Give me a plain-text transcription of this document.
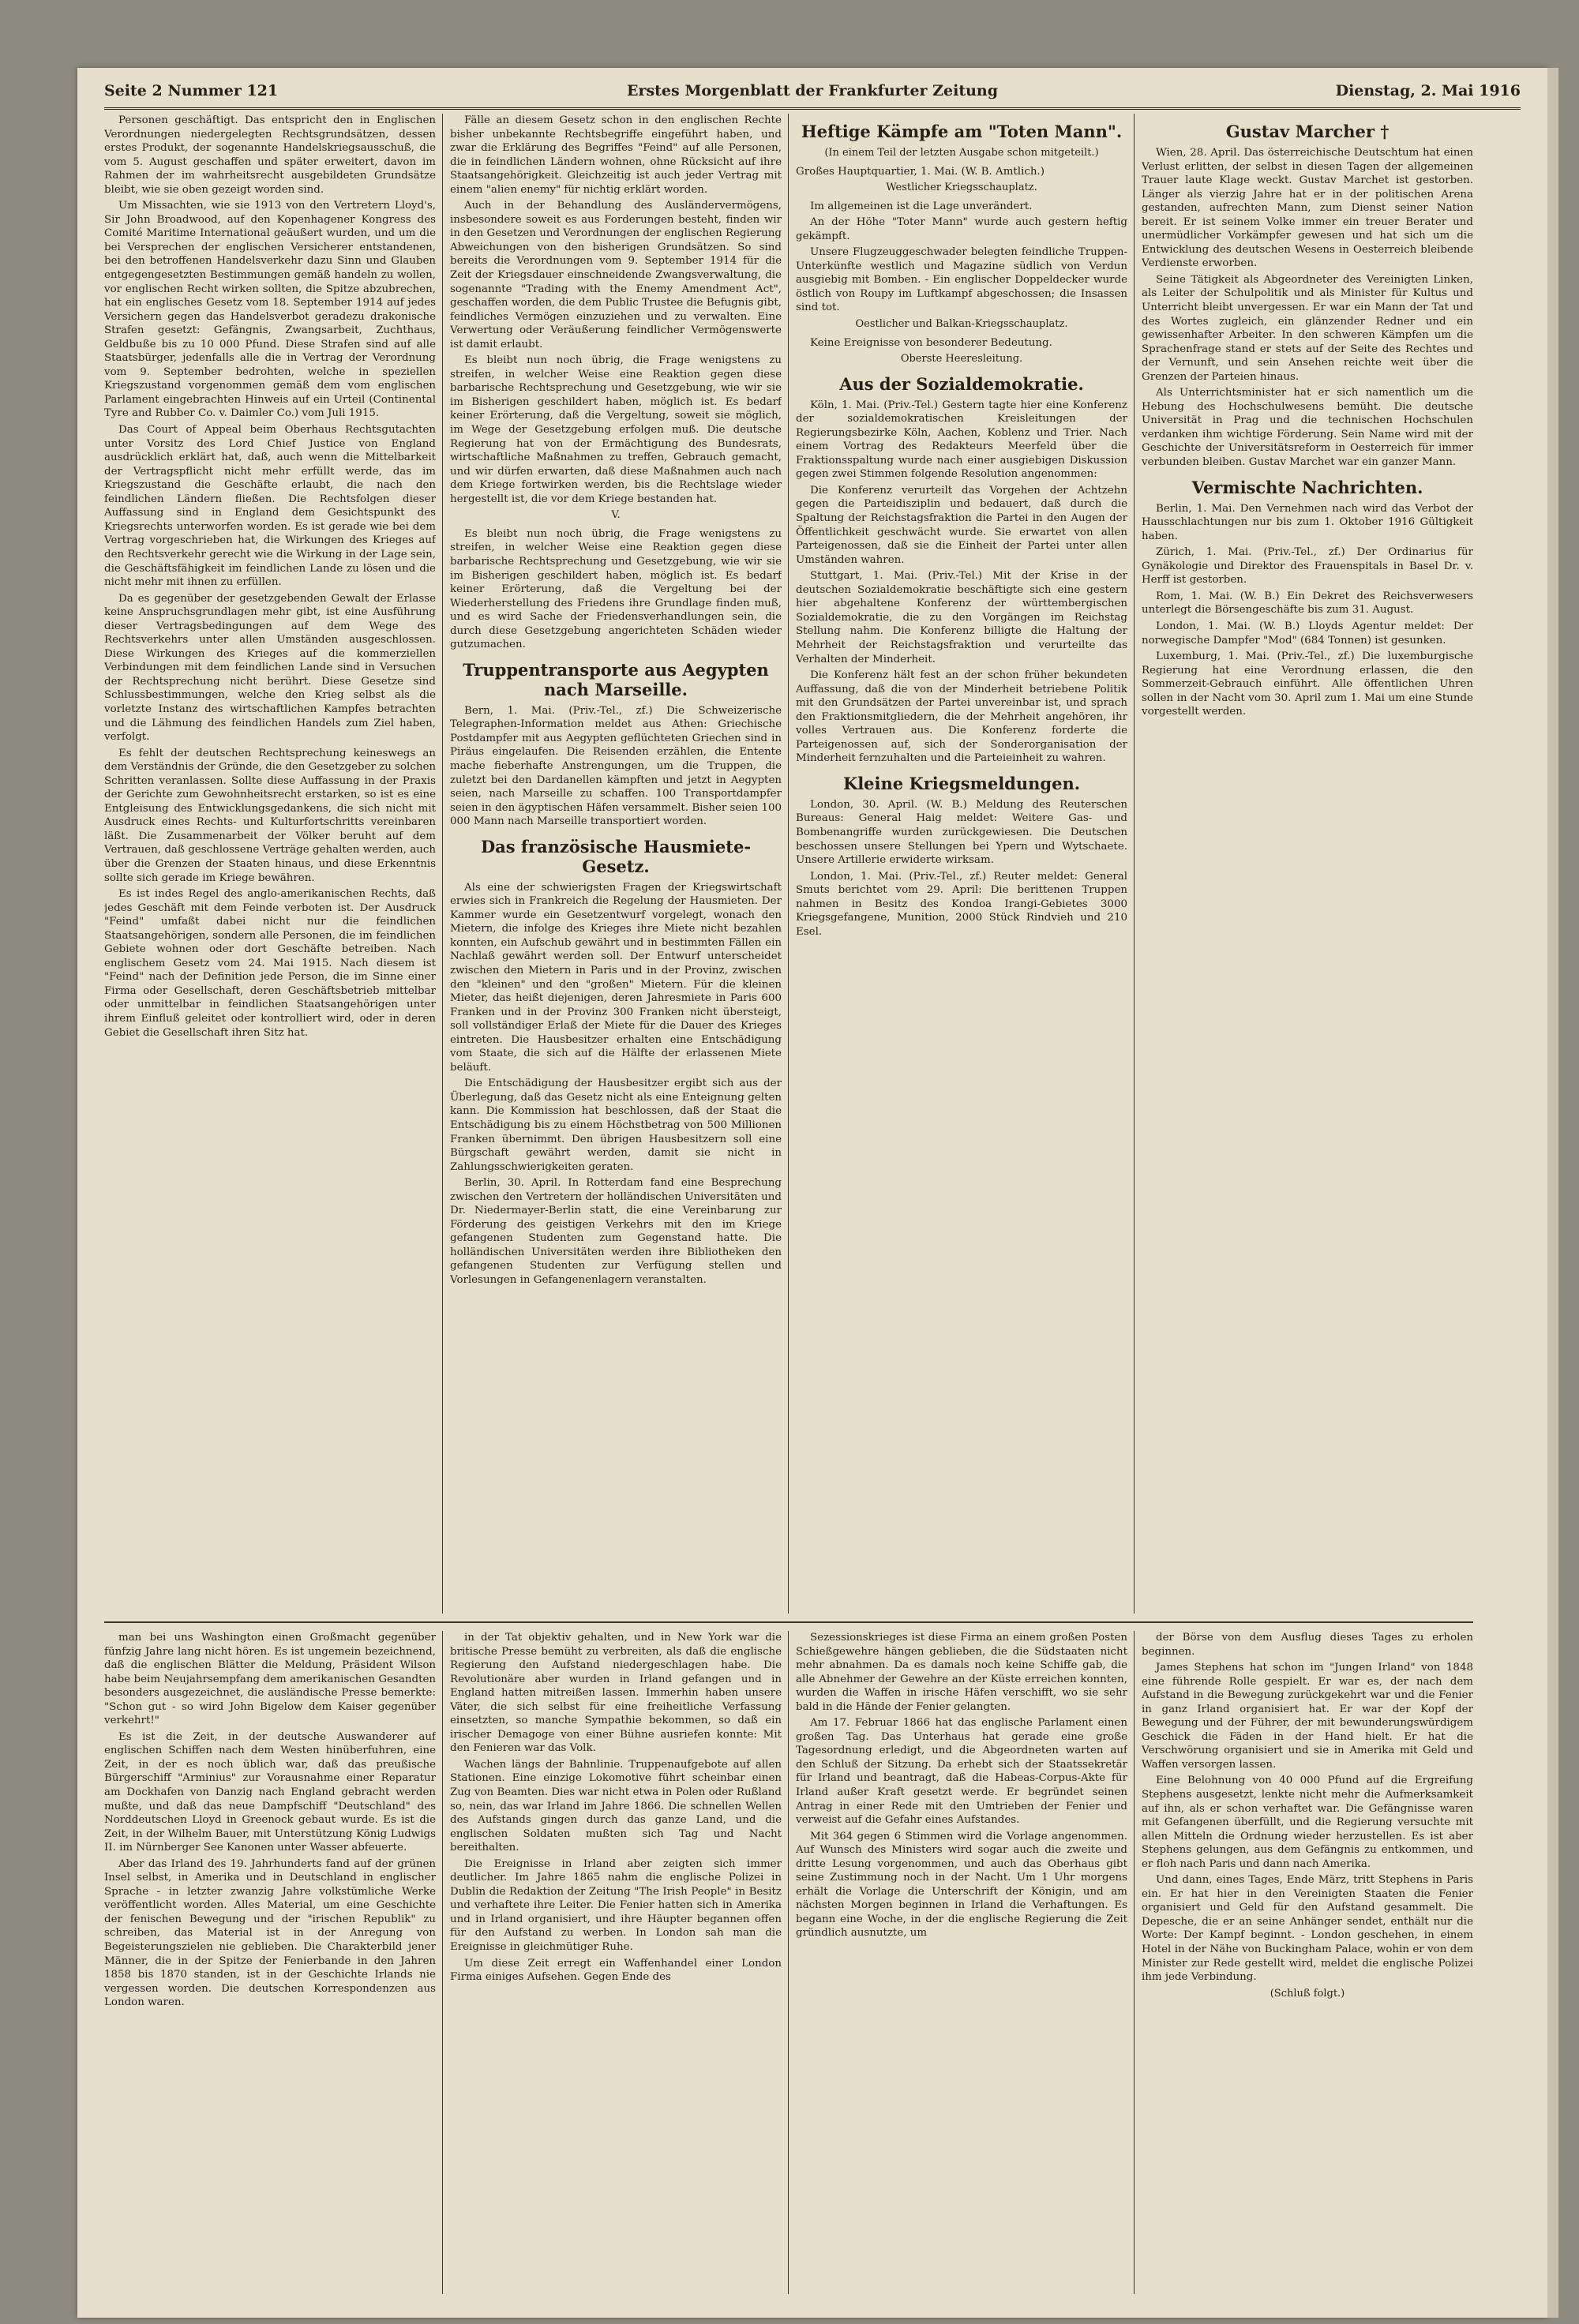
Seite 2 Nummer 121	Erstes Morgenblatt der Frankfurter Zeitung	Dienstag, 2. Mai 1916

Personen geschäftigt. Das entspricht den in Englischen Verordnungen niedergelegten Rechtsgrundsätzen, dessen erstes Produkt, der sogenannte Handelskriegsausschuß, die vom 5. August geschaffen und später erweitert, davon im Rahmen der im wahrheitsrecht ausgebildeten Grundsätze bleibt, wie sie oben gezeigt worden sind.

Um Missachten, wie sie 1913 von den Vertretern Lloyd's, Sir John Broadwood, auf den Kopenhagener Kongress des Comité Maritime International geäußert wurden, und um die bei Versprechen der englischen Versicherer entstandenen, bei den betroffenen Handelsverkehr dazu Sinn und Glauben entgegengesetzten Bestimmungen gemäß handeln zu wollen, vor englischen Recht wirken sollten, die Spitze abzubrechen, hat ein englisches Gesetz vom 18. September 1914 auf jedes Versichern gegen das Handelsverbot geradezu drakonische Strafen gesetzt: Gefängnis, Zwangsarbeit, Zuchthaus, Geldbuße bis zu 10 000 Pfund. Diese Strafen sind auf alle Staatsbürger, jedenfalls alle die in Vertrag der Verordnung vom 9. September bedrohten, welche in speziellen Kriegszustand vorgenommen gemäß dem vom englischen Parlament eingebrachten Hinweis auf ein Urteil (Continental Tyre and Rubber Co. v. Daimler Co.) vom Juli 1915.

Das Court of Appeal beim Oberhaus Rechtsgutachten unter Vorsitz des Lord Chief Justice von England ausdrücklich erklärt hat, daß, auch wenn die Mittelbarkeit der Vertragspflicht nicht mehr erfüllt werde, das im Kriegszustand die Geschäfte erlaubt, die nach den feindlichen Ländern fließen. Die Rechtsfolgen dieser Auffassung sind in England dem Gesichtspunkt des Kriegsrechts unterworfen worden. Es ist gerade wie bei dem Vertrag vorgeschrieben hat, die Wirkungen des Krieges auf den Rechtsverkehr gerecht wie die Wirkung in der Lage sein, die Geschäftsfähigkeit im feindlichen Lande zu lösen und die nicht mehr mit ihnen zu erfüllen.

Da es gegenüber der gesetzgebenden Gewalt der Erlasse keine Anspruchsgrundlagen mehr gibt, ist eine Ausführung dieser Vertragsbedingungen auf dem Wege des Rechtsverkehrs unter allen Umständen ausgeschlossen. Diese Wirkungen des Krieges auf die kommerziellen Verbindungen mit dem feindlichen Lande sind in Versuchen der Rechtsprechung nicht berührt. Diese Gesetze sind Schlussbestimmungen, welche den Krieg selbst als die vorletzte Instanz des wirtschaftlichen Kampfes betrachten und die Lähmung des feindlichen Handels zum Ziel haben, verfolgt.

Es fehlt der deutschen Rechtsprechung keineswegs an dem Verständnis der Gründe, die den Gesetzgeber zu solchen Schritten veranlassen. Sollte diese Auffassung in der Praxis der Gerichte zum Gewohnheitsrecht erstarken, so ist es eine Entgleisung des Entwicklungsgedankens, die sich nicht mit Ausdruck eines Rechts- und Kulturfortschritts vereinbaren läßt. Die Zusammenarbeit der Völker beruht auf dem Vertrauen, daß geschlossene Verträge gehalten werden, auch über die Grenzen der Staaten hinaus, und diese Erkenntnis sollte sich gerade im Kriege bewähren.

Es ist indes Regel des anglo-amerikanischen Rechts, daß jedes Geschäft mit dem Feinde verboten ist. Der Ausdruck "Feind" umfaßt dabei nicht nur die feindlichen Staatsangehörigen, sondern alle Personen, die im feindlichen Gebiete wohnen oder dort Geschäfte betreiben. Nach englischem Gesetz vom 24. Mai 1915. Nach diesem ist "Feind" nach der Definition jede Person, die im Sinne einer Firma oder Gesellschaft, deren Geschäftsbetrieb mittelbar oder unmittelbar in feindlichen Staatsangehörigen unter ihrem Einfluß geleitet oder kontrolliert wird, oder in deren Gebiet die Gesellschaft ihren Sitz hat.

Fälle an diesem Gesetz schon in den englischen Rechte bisher unbekannte Rechtsbegriffe eingeführt haben, und zwar die Erklärung des Begriffes "Feind" auf alle Personen, die in feindlichen Ländern wohnen, ohne Rücksicht auf ihre Staatsangehörigkeit. Gleichzeitig ist auch jeder Vertrag mit einem "alien enemy" für nichtig erklärt worden.

Auch in der Behandlung des Ausländervermögens, insbesondere soweit es aus Forderungen besteht, finden wir in den Gesetzen und Verordnungen der englischen Regierung Abweichungen von den bisherigen Grundsätzen. So sind bereits die Verordnungen vom 9. September 1914 für die Zeit der Kriegsdauer einschneidende Zwangsverwaltung, die sogenannte "Trading with the Enemy Amendment Act", geschaffen worden, die dem Public Trustee die Befugnis gibt, feindliches Vermögen einzuziehen und zu verwalten. Eine Verwertung oder Veräußerung feindlicher Vermögenswerte ist damit erlaubt.

Es bleibt nun noch übrig, die Frage wenigstens zu streifen, in welcher Weise eine Reaktion gegen diese barbarische Rechtsprechung und Gesetzgebung, wie wir sie im Bisherigen geschildert haben, möglich ist. Es bedarf keiner Erörterung, daß die Vergeltung, soweit sie möglich, im Wege der Gesetzgebung erfolgen muß. Die deutsche Regierung hat von der Ermächtigung des Bundesrats, wirtschaftliche Maßnahmen zu treffen, Gebrauch gemacht, und wir dürfen erwarten, daß diese Maßnahmen auch nach dem Kriege fortwirken werden, bis die Rechtslage wieder hergestellt ist, die vor dem Kriege bestanden hat.

V.

Es bleibt nun noch übrig, die Frage wenigstens zu streifen, in welcher Weise eine Reaktion gegen diese barbarische Rechtsprechung und Gesetzgebung, wie wir sie im Bisherigen geschildert haben, möglich ist. Es bedarf keiner Erörterung, daß die Vergeltung bei der Wiederherstellung des Friedens ihre Grundlage finden muß, und es wird Sache der Friedensverhandlungen sein, die durch diese Gesetzgebung angerichteten Schäden wieder gutzumachen.

Truppentransporte aus Aegypten nach Marseille.

Bern, 1. Mai. (Priv.-Tel., zf.) Die Schweizerische Telegraphen-Information meldet aus Athen: Griechische Postdampfer mit aus Aegypten geflüchteten Griechen sind in Piräus eingelaufen. Die Reisenden erzählen, die Entente mache fieberhafte Anstrengungen, um die Truppen, die zuletzt bei den Dardanellen kämpften und jetzt in Aegypten seien, nach Marseille zu schaffen. 100 Transportdampfer seien in den ägyptischen Häfen versammelt. Bisher seien 100 000 Mann nach Marseille transportiert worden.

Das französische Hausmiete-Gesetz.

Als eine der schwierigsten Fragen der Kriegswirtschaft erwies sich in Frankreich die Regelung der Hausmieten. Der Kammer wurde ein Gesetzentwurf vorgelegt, wonach den Mietern, die infolge des Krieges ihre Miete nicht bezahlen konnten, ein Aufschub gewährt und in bestimmten Fällen ein Nachlaß gewährt werden soll. Der Entwurf unterscheidet zwischen den Mietern in Paris und in der Provinz, zwischen den "kleinen" und den "großen" Mietern. Für die kleinen Mieter, das heißt diejenigen, deren Jahresmiete in Paris 600 Franken und in der Provinz 300 Franken nicht übersteigt, soll vollständiger Erlaß der Miete für die Dauer des Krieges eintreten. Die Hausbesitzer erhalten eine Entschädigung vom Staate, die sich auf die Hälfte der erlassenen Miete beläuft.

Die Entschädigung der Hausbesitzer ergibt sich aus der Überlegung, daß das Gesetz nicht als eine Enteignung gelten kann. Die Kommission hat beschlossen, daß der Staat die Entschädigung bis zu einem Höchstbetrag von 500 Millionen Franken übernimmt. Den übrigen Hausbesitzern soll eine Bürgschaft gewährt werden, damit sie nicht in Zahlungsschwierigkeiten geraten.

Berlin, 30. April. In Rotterdam fand eine Besprechung zwischen den Vertretern der holländischen Universitäten und Dr. Niedermayer-Berlin statt, die eine Vereinbarung zur Förderung des geistigen Verkehrs mit den im Kriege gefangenen Studenten zum Gegenstand hatte. Die holländischen Universitäten werden ihre Bibliotheken den gefangenen Studenten zur Verfügung stellen und Vorlesungen in Gefangenenlagern veranstalten.

Heftige Kämpfe am "Toten Mann".
(In einem Teil der letzten Ausgabe schon mitgeteilt.)

Großes Hauptquartier, 1. Mai. (W. B. Amtlich.)

Westlicher Kriegsschauplatz.

Im allgemeinen ist die Lage unverändert.

An der Höhe "Toter Mann" wurde auch gestern heftig gekämpft.

Unsere Flugzeuggeschwader belegten feindliche Truppen-Unterkünfte westlich und Magazine südlich von Verdun ausgiebig mit Bomben. - Ein englischer Doppeldecker wurde östlich von Roupy im Luftkampf abgeschossen; die Insassen sind tot.

Oestlicher und Balkan-Kriegsschauplatz.

Keine Ereignisse von besonderer Bedeutung.

Oberste Heeresleitung.
Aus der Sozialdemokratie.

Köln, 1. Mai. (Priv.-Tel.) Gestern tagte hier eine Konferenz der sozialdemokratischen Kreisleitungen der Regierungsbezirke Köln, Aachen, Koblenz und Trier. Nach einem Vortrag des Redakteurs Meerfeld über die Fraktionsspaltung wurde nach einer ausgiebigen Diskussion gegen zwei Stimmen folgende Resolution angenommen:

Die Konferenz verurteilt das Vorgehen der Achtzehn gegen die Parteidisziplin und bedauert, daß durch die Spaltung der Reichstagsfraktion die Partei in den Augen der Öffentlichkeit geschwächt wurde. Sie erwartet von allen Parteigenossen, daß sie die Einheit der Partei unter allen Umständen wahren.

Stuttgart, 1. Mai. (Priv.-Tel.) Mit der Krise in der deutschen Sozialdemokratie beschäftigte sich eine gestern hier abgehaltene Konferenz der württembergischen Sozialdemokratie, die zu den Vorgängen im Reichstag Stellung nahm. Die Konferenz billigte die Haltung der Mehrheit der Reichstagsfraktion und verurteilte das Verhalten der Minderheit.

Die Konferenz hält fest an der schon früher bekundeten Auffassung, daß die von der Minderheit betriebene Politik mit den Grundsätzen der Partei unvereinbar ist, und sprach den Fraktionsmitgliedern, die der Mehrheit angehören, ihr volles Vertrauen aus. Die Konferenz forderte die Parteigenossen auf, sich der Sonderorganisation der Minderheit fernzuhalten und die Parteieinheit zu wahren.

Kleine Kriegsmeldungen.

London, 30. April. (W. B.) Meldung des Reuterschen Bureaus: General Haig meldet: Weitere Gas- und Bombenangriffe wurden zurückgewiesen. Die Deutschen beschossen unsere Stellungen bei Ypern und Wytschaete. Unsere Artillerie erwiderte wirksam.

London, 1. Mai. (Priv.-Tel., zf.) Reuter meldet: General Smuts berichtet vom 29. April: Die berittenen Truppen nahmen in Besitz des Kondoa Irangi-Gebietes 3000 Kriegsgefangene, Munition, 2000 Stück Rindvieh und 210 Esel.

Gustav Marcher †

Wien, 28. April. Das österreichische Deutschtum hat einen Verlust erlitten, der selbst in diesen Tagen der allgemeinen Trauer laute Klage weckt. Gustav Marchet ist gestorben. Länger als vierzig Jahre hat er in der politischen Arena gestanden, aufrechten Mann, zum Dienst seiner Nation bereit. Er ist seinem Volke immer ein treuer Berater und unermüdlicher Vorkämpfer gewesen und hat sich um die Entwicklung des deutschen Wesens in Oesterreich bleibende Verdienste erworben.

Seine Tätigkeit als Abgeordneter des Vereinigten Linken, als Leiter der Schulpolitik und als Minister für Kultus und Unterricht bleibt unvergessen. Er war ein Mann der Tat und des Wortes zugleich, ein glänzender Redner und ein gewissenhafter Arbeiter. In den schweren Kämpfen um die Sprachenfrage stand er stets auf der Seite des Rechtes und der Vernunft, und sein Ansehen reichte weit über die Grenzen der Parteien hinaus.

Als Unterrichtsminister hat er sich namentlich um die Hebung des Hochschulwesens bemüht. Die deutsche Universität in Prag und die technischen Hochschulen verdanken ihm wichtige Förderung. Sein Name wird mit der Geschichte der Universitätsreform in Oesterreich für immer verbunden bleiben. Gustav Marchet war ein ganzer Mann.

Vermischte Nachrichten.

Berlin, 1. Mai. Den Vernehmen nach wird das Verbot der Hausschlachtungen nur bis zum 1. Oktober 1916 Gültigkeit haben.

Zürich, 1. Mai. (Priv.-Tel., zf.) Der Ordinarius für Gynäkologie und Direktor des Frauenspitals in Basel Dr. v. Herff ist gestorben.

Rom, 1. Mai. (W. B.) Ein Dekret des Reichsverwesers unterlegt die Börsengeschäfte bis zum 31. August.

London, 1. Mai. (W. B.) Lloyds Agentur meldet: Der norwegische Dampfer "Mod" (684 Tonnen) ist gesunken.

Luxemburg, 1. Mai. (Priv.-Tel., zf.) Die luxemburgische Regierung hat eine Verordnung erlassen, die den Sommerzeit-Gebrauch einführt. Alle öffentlichen Uhren sollen in der Nacht vom 30. April zum 1. Mai um eine Stunde vorgestellt werden.

man bei uns Washington einen Großmacht gegenüber fünfzig Jahre lang nicht hören. Es ist ungemein bezeichnend, daß die englischen Blätter die Meldung, Präsident Wilson habe beim Neujahrsempfang dem amerikanischen Gesandten besonders ausgezeichnet, die ausländische Presse bemerkte: "Schon gut - so wird John Bigelow dem Kaiser gegenüber verkehrt!"

Es ist die Zeit, in der deutsche Auswanderer auf englischen Schiffen nach dem Westen hinüberfuhren, eine Zeit, in der es noch üblich war, daß das preußische Bürgerschiff "Arminius" zur Vorausnahme einer Reparatur am Dockhafen von Danzig nach England gebracht werden mußte, und daß das neue Dampfschiff "Deutschland" des Norddeutschen Lloyd in Greenock gebaut wurde. Es ist die Zeit, in der Wilhelm Bauer, mit Unterstützung König Ludwigs II. im Nürnberger See Kanonen unter Wasser abfeuerte.

Aber das Irland des 19. Jahrhunderts fand auf der grünen Insel selbst, in Amerika und in Deutschland in englischer Sprache - in letzter zwanzig Jahre volkstümliche Werke veröffentlicht worden. Alles Material, um eine Geschichte der fenischen Bewegung und der "irischen Republik" zu schreiben, das Material ist in der Anregung von Begeisterungszielen nie geblieben. Die Charakterbild jener Männer, die in der Spitze der Fenierbande in den Jahren 1858 bis 1870 standen, ist in der Geschichte Irlands nie vergessen worden. Die deutschen Korrespondenzen aus London waren.

in der Tat objektiv gehalten, und in New York war die britische Presse bemüht zu verbreiten, als daß die englische Regierung den Aufstand niedergeschlagen habe. Die Revolutionäre aber wurden in Irland gefangen und in England hatten mitreißen lassen. Immerhin haben unsere Väter, die sich selbst für eine freiheitliche Verfassung einsetzten, so manche Sympathie bekommen, so daß ein irischer Demagoge von einer Bühne ausriefen konnte: Mit den Fenieren war das Volk.

Wachen längs der Bahnlinie. Truppenaufgebote auf allen Stationen. Eine einzige Lokomotive führt scheinbar einen Zug von Beamten. Dies war nicht etwa in Polen oder Rußland so, nein, das war Irland im Jahre 1866. Die schnellen Wellen des Aufstands gingen durch das ganze Land, und die englischen Soldaten mußten sich Tag und Nacht bereithalten.

Die Ereignisse in Irland aber zeigten sich immer deutlicher. Im Jahre 1865 nahm die englische Polizei in Dublin die Redaktion der Zeitung "The Irish People" in Besitz und verhaftete ihre Leiter. Die Fenier hatten sich in Amerika und in Irland organisiert, und ihre Häupter begannen offen für den Aufstand zu werben. In London sah man die Ereignisse in gleichmütiger Ruhe.

Um diese Zeit erregt ein Waffenhandel einer London Firma einiges Aufsehen. Gegen Ende des

Sezessionskrieges ist diese Firma an einem großen Posten Schießgewehre hängen geblieben, die die Südstaaten nicht mehr abnahmen. Da es damals noch keine Schiffe gab, die alle Abnehmer der Gewehre an der Küste erreichen konnten, wurden die Waffen in irische Häfen verschifft, wo sie sehr bald in die Hände der Fenier gelangten.

Am 17. Februar 1866 hat das englische Parlament einen großen Tag. Das Unterhaus hat gerade eine große Tagesordnung erledigt, und die Abgeordneten warten auf den Schluß der Sitzung. Da erhebt sich der Staatssekretär für Irland und beantragt, daß die Habeas-Corpus-Akte für Irland außer Kraft gesetzt werde. Er begründet seinen Antrag in einer Rede mit den Umtrieben der Fenier und verweist auf die Gefahr eines Aufstandes.

Mit 364 gegen 6 Stimmen wird die Vorlage angenommen. Auf Wunsch des Ministers wird sogar auch die zweite und dritte Lesung vorgenommen, und auch das Oberhaus gibt seine Zustimmung noch in der Nacht. Um 1 Uhr morgens erhält die Vorlage die Unterschrift der Königin, und am nächsten Morgen beginnen in Irland die Verhaftungen. Es begann eine Woche, in der die englische Regierung die Zeit gründlich ausnutzte, um

der Börse von dem Ausflug dieses Tages zu erholen beginnen.

James Stephens hat schon im "Jungen Irland" von 1848 eine führende Rolle gespielt. Er war es, der nach dem Aufstand in die Bewegung zurückgekehrt war und die Fenier in ganz Irland organisiert hat. Er war der Kopf der Bewegung und der Führer, der mit bewunderungswürdigem Geschick die Fäden in der Hand hielt. Er hat die Verschwörung organisiert und sie in Amerika mit Geld und Waffen versorgen lassen.

Eine Belohnung von 40 000 Pfund auf die Ergreifung Stephens ausgesetzt, lenkte nicht mehr die Aufmerksamkeit auf ihn, als er schon verhaftet war. Die Gefängnisse waren mit Gefangenen überfüllt, und die Regierung versuchte mit allen Mitteln die Ordnung wieder herzustellen. Es ist aber Stephens gelungen, aus dem Gefängnis zu entkommen, und er floh nach Paris und dann nach Amerika.

Und dann, eines Tages, Ende März, tritt Stephens in Paris ein. Er hat hier in den Vereinigten Staaten die Fenier organisiert und Geld für den Aufstand gesammelt. Die Depesche, die er an seine Anhänger sendet, enthält nur die Worte: Der Kampf beginnt. - London geschehen, in einem Hotel in der Nähe von Buckingham Palace, wohin er von dem Minister zur Rede gestellt wird, meldet die englische Polizei ihm jede Verbindung.

(Schluß folgt.)
